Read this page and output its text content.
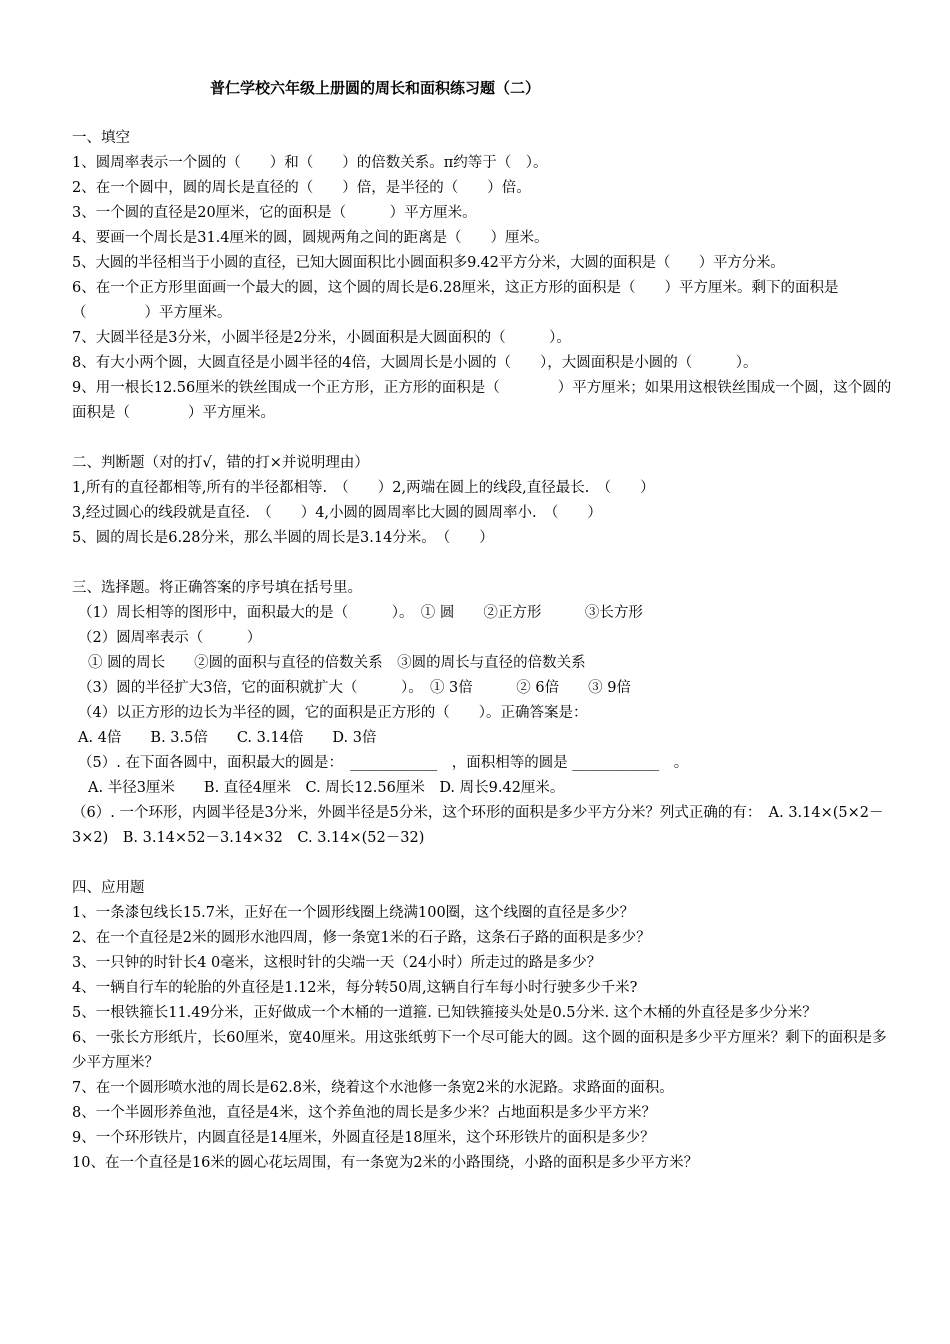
普仁学校六年级上册圆的周长和面积练习题（二）
一、填空
1、圆周率表示一个圆的（　　）和（　　）的倍数关系。π约等于（　）。
2、在一个圆中，圆的周长是直径的（　　）倍，是半径的（　　）倍。
3、一个圆的直径是20厘米，它的面积是（　　　）平方厘米。
4、要画一个周长是31.4厘米的圆，圆规两角之间的距离是（　　）厘米。
5、大圆的半径相当于小圆的直径，已知大圆面积比小圆面积多9.42平方分米，大圆的面积是（　　）平方分米。
6、在一个正方形里面画一个最大的圆，这个圆的周长是6.28厘米，这正方形的面积是（　　）平方厘米。剩下的面积是（　　　　）平方厘米。
7、大圆半径是3分米，小圆半径是2分米，小圆面积是大圆面积的（　　　）。
8、有大小两个圆，大圆直径是小圆半径的4倍，大圆周长是小圆的（　　），大圆面积是小圆的（　　　）。
9、用一根长12.56厘米的铁丝围成一个正方形，正方形的面积是（　　　　）平方厘米；如果用这根铁丝围成一个圆，这个圆的面积是（　　　　）平方厘米。
二、判断题（对的打√，错的打×并说明理由）
1,所有的直径都相等,所有的半径都相等.　（　　）2,两端在圆上的线段,直径最长.　（　　）
3,经过圆心的线段就是直径.　（　　）4,小圆的圆周率比大圆的圆周率小.　（　　）
5、圆的周长是6.28分米，那么半圆的周长是3.14分米。　（　　）
三、选择题。将正确答案的序号填在括号里。
（1）周长相等的图形中，面积最大的是（　　　）。　① 圆　　②正方形　　　③长方形
（2）圆周率表示（　　　）
① 圆的周长　　②圆的面积与直径的倍数关系　③圆的周长与直径的倍数关系
（3）圆的半径扩大3倍，它的面积就扩大（　　　）。　① 3倍　　　② 6倍　　③ 9倍
（4）以正方形的边长为半径的圆，它的面积是正方形的（　　）。正确答案是：
A. 4倍　　B. 3.5倍　　C. 3.14倍　　D. 3倍
（5）. 在下面各圆中，面积最大的圆是：　____________　，面积相等的圆是 ____________　。
A. 半径3厘米　　B. 直径4厘米　C. 周长12.56厘米　D. 周长9.42厘米。
（6）. 一个环形，内圆半径是3分米，外圆半径是5分米，这个环形的面积是多少平方分米？列式正确的有：　A. 3.14×(5×2－3×2)　B. 3.14×52－3.14×32　C. 3.14×(52－32)
四、应用题
1、一条漆包线长15.7米，正好在一个圆形线圈上绕满100圈，这个线圈的直径是多少？
2、在一个直径是2米的圆形水池四周，修一条宽1米的石子路，这条石子路的面积是多少？
3、一只钟的时针长4 0毫米，这根时针的尖端一天（24小时）所走过的路是多少？
4、一辆自行车的轮胎的外直径是1.12米，每分转50周,这辆自行车每小时行驶多少千米?
5、一根铁箍长11.49分米，正好做成一个木桶的一道箍. 已知铁箍接头处是0.5分米. 这个木桶的外直径是多少分米？
6、一张长方形纸片，长60厘米，宽40厘米。用这张纸剪下一个尽可能大的圆。这个圆的面积是多少平方厘米？剩下的面积是多少平方厘米？
7、在一个圆形喷水池的周长是62.8米，绕着这个水池修一条宽2米的水泥路。求路面的面积。
8、一个半圆形养鱼池，直径是4米，这个养鱼池的周长是多少米？占地面积是多少平方米？
9、一个环形铁片，内圆直径是14厘米，外圆直径是18厘米，这个环形铁片的面积是多少？
10、在一个直径是16米的圆心花坛周围，有一条宽为2米的小路围绕，小路的面积是多少平方米？
